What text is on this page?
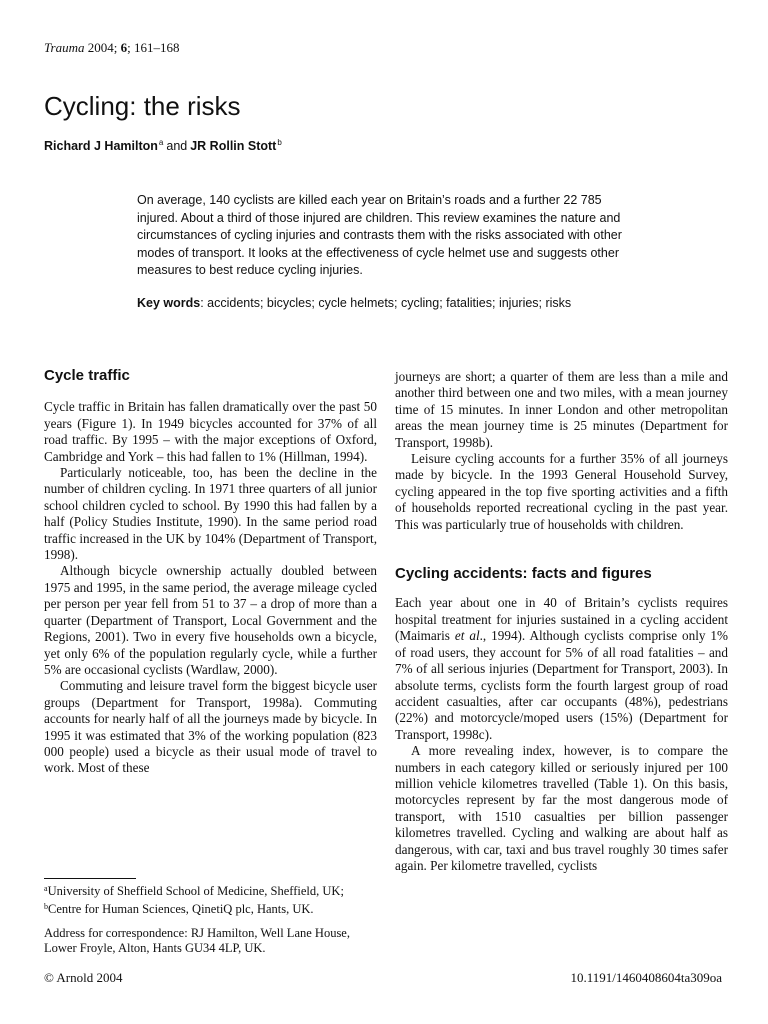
Trauma 2004; 6; 161–168
Cycling: the risks
Richard J Hamilton$^a$ and JR Rollin Stott$^b$

On average, 140 cyclists are killed each year on Britain’s roads and a further 22 785 injured. About a third of those injured are children. This review examines the nature and circumstances of cycling injuries and contrasts them with the risks associated with other modes of transport. It looks at the effectiveness of cycle helmet use and suggests other measures to best reduce cycling injuries.

Key words: accidents; bicycles; cycle helmets; cycling; fatalities; injuries; risks

Cycle traffic

Cycle traffic in Britain has fallen dramatically over the past 50 years (Figure 1). In 1949 bicycles accounted for 37% of all road traffic. By 1995 – with the major exceptions of Oxford, Cambridge and York – this had fallen to 1% (Hillman, 1994).

Particularly noticeable, too, has been the decline in the number of children cycling. In 1971 three quarters of all junior school children cycled to school. By 1990 this had fallen by a half (Policy Studies Institute, 1990). In the same period road traffic increased in the UK by 104% (Department of Transport, 1998).

Although bicycle ownership actually doubled between 1975 and 1995, in the same period, the average mileage cycled per person per year fell from 51 to 37 – a drop of more than a quarter (Department of Transport, Local Government and the Regions, 2001). Two in every five households own a bicycle, yet only 6% of the population regularly cycle, while a further 5% are occasional cyclists (Wardlaw, 2000).

Commuting and leisure travel form the biggest bicycle user groups (Department for Transport, 1998a). Commuting accounts for nearly half of all the journeys made by bicycle. In 1995 it was estimated that 3% of the working population (823 000 people) used a bicycle as their usual mode of travel to work. Most of these

journeys are short; a quarter of them are less than a mile and another third between one and two miles, with a mean journey time of 15 minutes. In inner London and other metropolitan areas the mean journey time is 25 minutes (Department for Transport, 1998b).

Leisure cycling accounts for a further 35% of all journeys made by bicycle. In the 1993 General Household Survey, cycling appeared in the top five sporting activities and a fifth of households reported recreational cycling in the past year. This was particularly true of households with children.

Cycling accidents: facts and figures

Each year about one in 40 of Britain’s cyclists requires hospital treatment for injuries sustained in a cycling accident (Maimaris et al., 1994). Although cyclists comprise only 1% of road users, they account for 5% of all road fatalities – and 7% of all serious injuries (Department for Transport, 2003). In absolute terms, cyclists form the fourth largest group of road accident casualties, after car occupants (48%), pedestrians (22%) and motorcycle/moped users (15%) (Department for Transport, 1998c).

A more revealing index, however, is to compare the numbers in each category killed or seriously injured per 100 million vehicle kilometres travelled (Table 1). On this basis, motorcycles represent by far the most dangerous mode of transport, with 1510 casualties per billion passenger kilometres travelled. Cycling and walking are about half as dangerous, with car, taxi and bus travel roughly 30 times safer again. Per kilometre travelled, cyclists

$^a$University of Sheffield School of Medicine, Sheffield, UK;
$^b$Centre for Human Sciences, QinetiQ plc, Hants, UK.

Address for correspondence: RJ Hamilton, Well Lane House, Lower Froyle, Alton, Hants GU34 4LP, UK.

© Arnold 2004	10.1191/1460408604ta309oa
